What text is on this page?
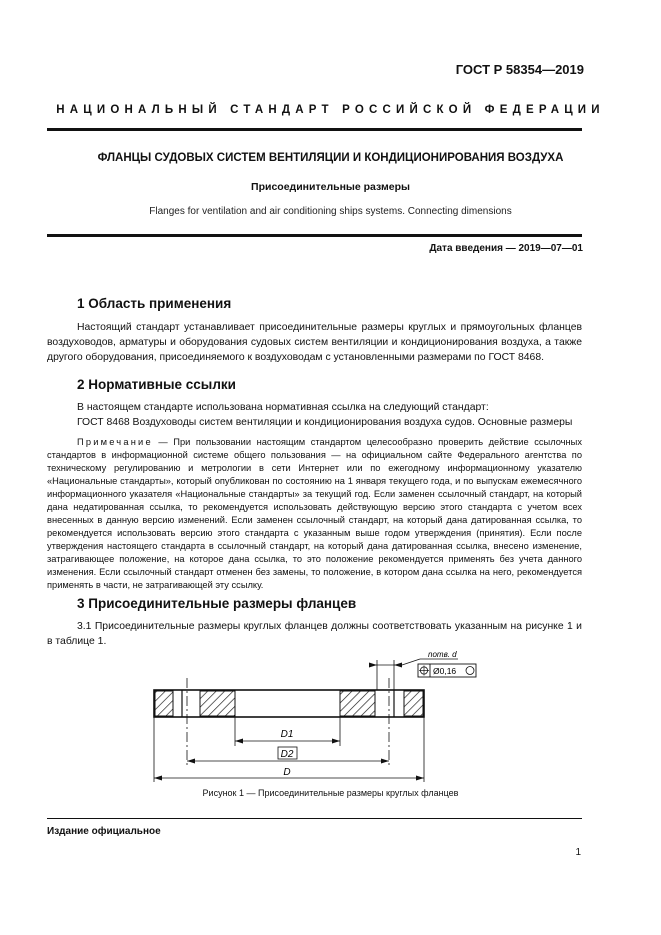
ГОСТ Р 58354—2019
НАЦИОНАЛЬНЫЙ СТАНДАРТ РОССИЙСКОЙ ФЕДЕРАЦИИ
ФЛАНЦЫ СУДОВЫХ СИСТЕМ ВЕНТИЛЯЦИИ И КОНДИЦИОНИРОВАНИЯ ВОЗДУХА
Присоединительные размеры
Flanges for ventilation and air conditioning ships systems. Connecting dimensions
Дата введения — 2019—07—01
1 Область применения

Настоящий стандарт устанавливает присоединительные размеры круглых и прямоугольных фланцев воздуховодов, арматуры и оборудования судовых систем вентиляции и кондиционирования воздуха, а также другого оборудования, присоединяемого к воздуховодам с установленными размерами по ГОСТ 8468.

2 Нормативные ссылки
В настоящем стандарте использована нормативная ссылка на следующий стандарт:
ГОСТ 8468 Воздуховоды систем вентиляции и кондиционирования воздуха судов. Основные размеры

Примечание — При пользовании настоящим стандартом целесообразно проверить действие ссылочных стандартов в информационной системе общего пользования — на официальном сайте Федерального агентства по техническому регулированию и метрологии в сети Интернет или по ежегодному информационному указателю «Национальные стандарты», который опубликован по состоянию на 1 января текущего года, и по выпускам ежемесячного информационного указателя «Национальные стандарты» за текущий год. Если заменен ссылочный стандарт, на который дана недатированная ссылка, то рекомендуется использовать действующую версию этого стандарта с учетом всех внесенных в данную версию изменений. Если заменен ссылочный стандарт, на который дана датированная ссылка, то рекомендуется использовать версию этого стандарта с указанным выше годом утверждения (принятия). Если после утверждения настоящего стандарта в ссылочный стандарт, на который дана датированная ссылка, внесено изменение, затрагивающее положение, на которое дана ссылка, то это положение рекомендуется применять без учета данного изменения. Если ссылочный стандарт отменен без замены, то положение, в котором дана ссылка на него, рекомендуется применять в части, не затрагивающей эту ссылку.

3 Присоединительные размеры фланцев

3.1 Присоединительные размеры круглых фланцев должны соответствовать указанным на рисунке 1 и в таблице 1.

D1
D2
D
nотв. d
Ø0,16
Рисунок 1 — Присоединительные размеры круглых фланцев
Издание официальное
1
